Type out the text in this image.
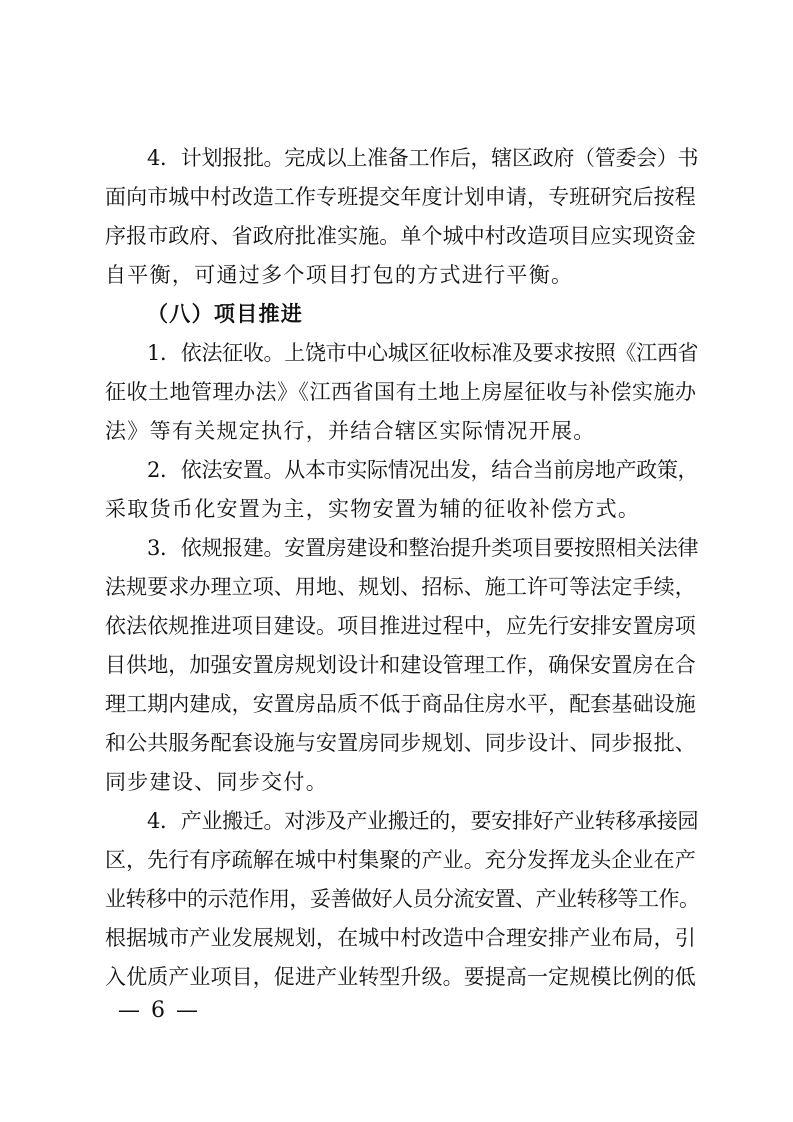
4．计划报批。完成以上准备工作后，辖区政府（管委会）书
面向市城中村改造工作专班提交年度计划申请，专班研究后按程
序报市政府、省政府批准实施。单个城中村改造项目应实现资金
自平衡，可通过多个项目打包的方式进行平衡。
（八）项目推进
1．依法征收。上饶市中心城区征收标准及要求按照《江西省
征收土地管理办法》《江西省国有土地上房屋征收与补偿实施办
法》等有关规定执行，并结合辖区实际情况开展。
2．依法安置。从本市实际情况出发，结合当前房地产政策，
采取货币化安置为主，实物安置为辅的征收补偿方式。
3．依规报建。安置房建设和整治提升类项目要按照相关法律
法规要求办理立项、用地、规划、招标、施工许可等法定手续，
依法依规推进项目建设。项目推进过程中，应先行安排安置房项
目供地，加强安置房规划设计和建设管理工作，确保安置房在合
理工期内建成，安置房品质不低于商品住房水平，配套基础设施
和公共服务配套设施与安置房同步规划、同步设计、同步报批、
同步建设、同步交付。
4．产业搬迁。对涉及产业搬迁的，要安排好产业转移承接园
区，先行有序疏解在城中村集聚的产业。充分发挥龙头企业在产
业转移中的示范作用，妥善做好人员分流安置、产业转移等工作。
根据城市产业发展规划，在城中村改造中合理安排产业布局，引
入优质产业项目，促进产业转型升级。要提高一定规模比例的低
— 6 —
